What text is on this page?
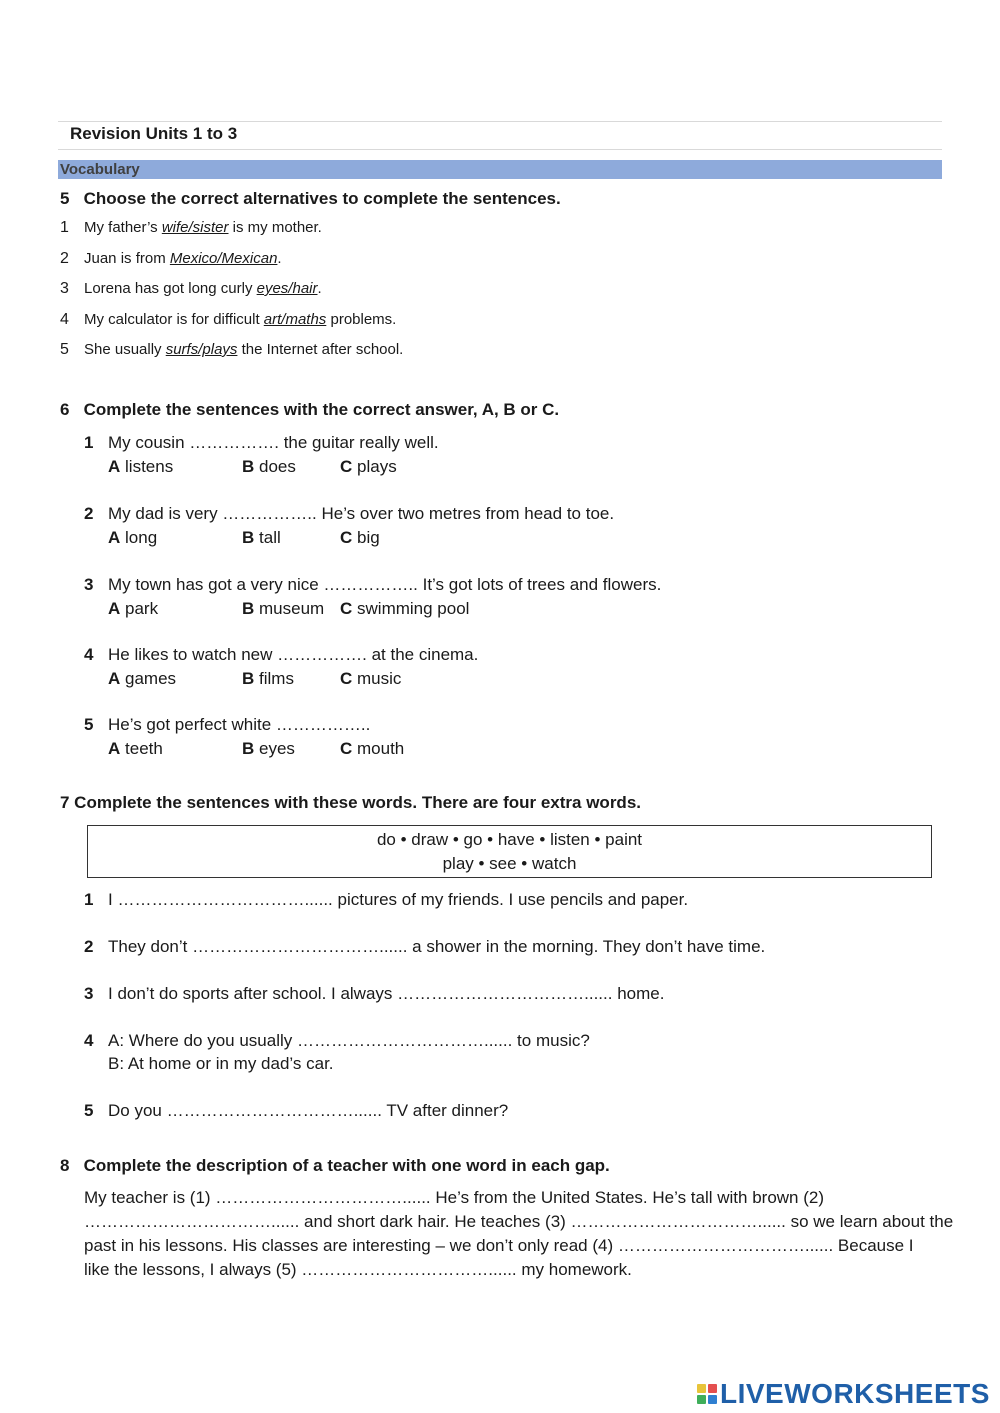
Revision Units 1 to 3
Vocabulary
5 Choose the correct alternatives to complete the sentences.
1 My father’s wife/sister is my mother.
2 Juan is from Mexico/Mexican.
3 Lorena has got long curly eyes/hair.
4 My calculator is for difficult art/maths problems.
5 She usually surfs/plays the Internet after school.
6 Complete the sentences with the correct answer, A, B or C.
1 My cousin ……………. the guitar really well.
A listens	B does	C plays
2 My dad is very …………….. He’s over two metres from head to toe.
A long	B tall	C big
3 My town has got a very nice …………….. It’s got lots of trees and flowers.
A park	B museum C swimming pool
4 He likes to watch new ……………. at the cinema.
A games	B films	C music
5 He’s got perfect white ……………..
A teeth	B eyes	C mouth
7 Complete the sentences with these words. There are four extra words.
do • draw • go • have • listen • paint
play • see • watch
1 I ……………………………...... pictures of my friends. I use pencils and paper.
2 They don’t ……………………………...... a shower in the morning. They don’t have time.
3 I don’t do sports after school. I always ……………………………...... home.
4 A: Where do you usually ……………………………...... to music?
B: At home or in my dad’s car.
5 Do you ……………………………...... TV after dinner?
8 Complete the description of a teacher with one word in each gap.
My teacher is (1) ……………………………...... He’s from the United States. He’s tall with brown (2)
……………………………...... and short dark hair. He teaches (3) ……………………………...... so we learn about the
past in his lessons. His classes are interesting – we don’t only read (4) ……………………………...... Because I
like the lessons, I always (5) ……………………………...... my homework.
LIVEWORKSHEETS
